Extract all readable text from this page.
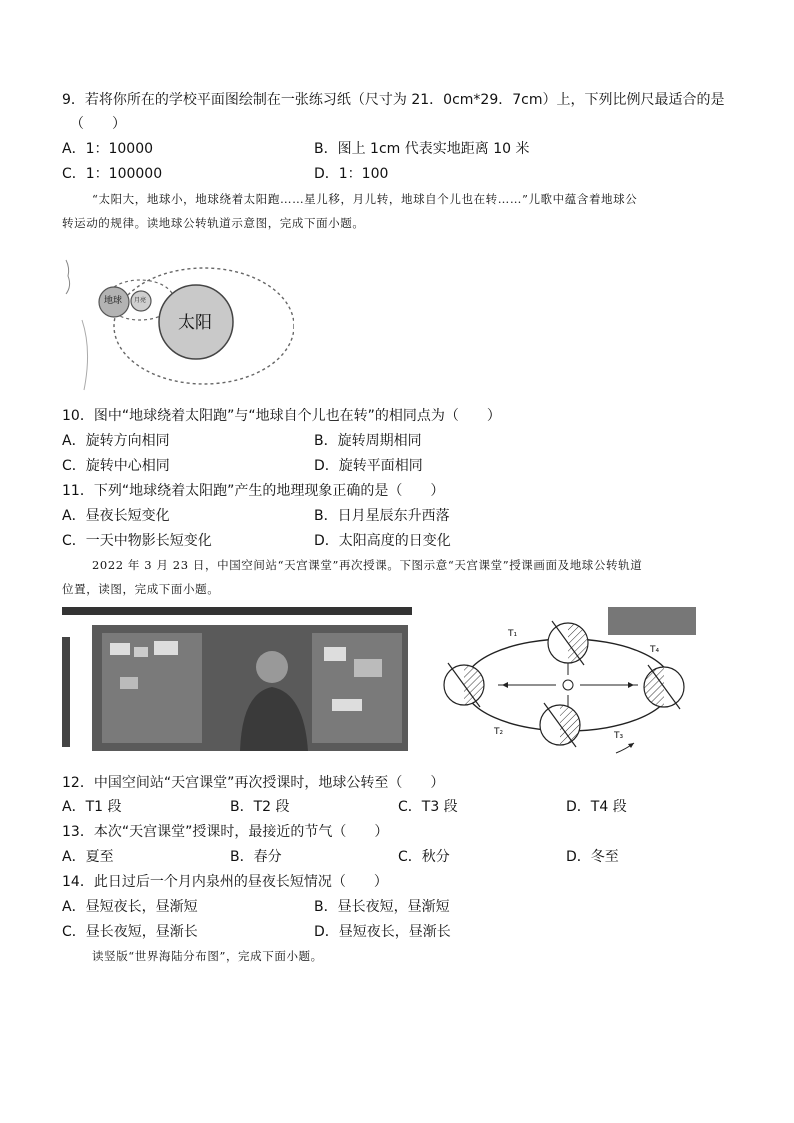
9．若将你所在的学校平面图绘制在一张练习纸（尺寸为 21．0cm*29．7cm）上，下列比例尺最适合的是
（　　）
A．1：10000	B．图上 1cm 代表实地距离 10 米
C．1：100000	D．1：100
“太阳大，地球小，地球绕着太阳跑……星儿移，月儿转，地球自个儿也在转……”儿歌中蕴含着地球公
转运动的规律。读地球公转轨道示意图，完成下面小题。
地球 月亮
太阳
10．图中“地球绕着太阳跑”与“地球自个儿也在转”的相同点为（　　）
A．旋转方向相同	B．旋转周期相同
C．旋转中心相同	D．旋转平面相同
11．下列“地球绕着太阳跑”产生的地理现象正确的是（　　）
A．昼夜长短变化	B．日月星辰东升西落
C．一天中物影长短变化	D．太阳高度的日变化
2022 年 3 月 23 日，中国空间站“天宫课堂”再次授课。下图示意“天宫课堂”授课画面及地球公转轨道
位置，读图，完成下面小题。
T₁
T₂	T₃
T₄
12．中国空间站“天宫课堂”再次授课时，地球公转至（　　）
A．T1 段	B．T2 段	C．T3 段	D．T4 段
13．本次“天宫课堂”授课时，最接近的节气（　　）
A．夏至	B．春分	C．秋分	D．冬至
14．此日过后一个月内泉州的昼夜长短情况（　　）
A．昼短夜长，昼渐短	B．昼长夜短，昼渐短
C．昼长夜短，昼渐长	D．昼短夜长，昼渐长
读竖版“世界海陆分布图”，完成下面小题。
